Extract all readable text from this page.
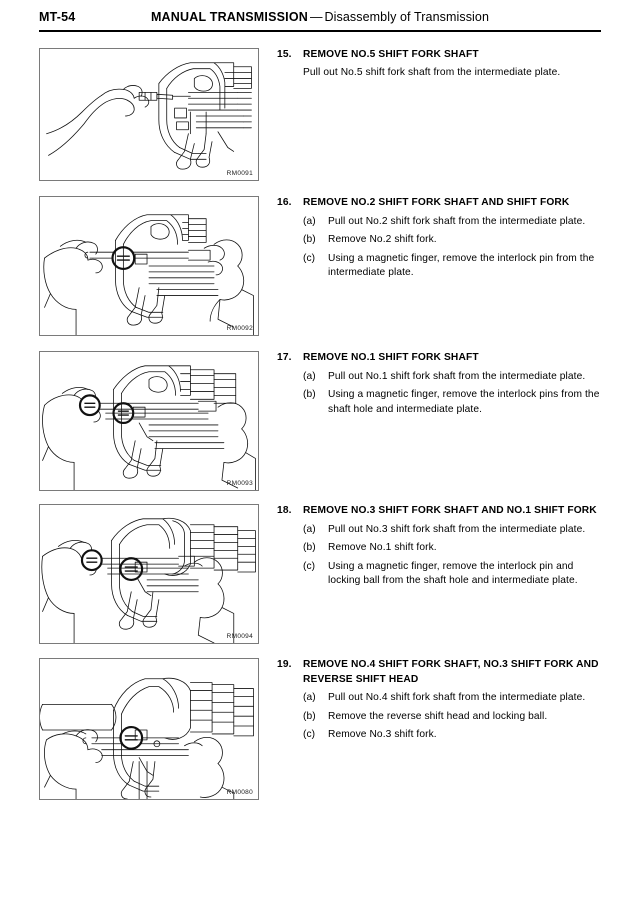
MT-54	MANUAL TRANSMISSION — Disassembly of Transmission
RM0091
RM0092
RM0093
RM0094
RM0080
15. REMOVE NO.5 SHIFT FORK SHAFT
Pull out No.5 shift fork shaft from the intermediate plate.
16. REMOVE NO.2 SHIFT FORK SHAFT AND SHIFT FORK
(a) Pull out No.2 shift fork shaft from the intermediate plate.
(b) Remove No.2 shift fork.
(c) Using a magnetic finger, remove the interlock pin from the intermediate plate.
17. REMOVE NO.1 SHIFT FORK SHAFT
(a) Pull out No.1 shift fork shaft from the intermediate plate.
(b) Using a magnetic finger, remove the interlock pins from the shaft hole and intermediate plate.
18. REMOVE NO.3 SHIFT FORK SHAFT AND NO.1 SHIFT FORK
(a) Pull out No.3 shift fork shaft from the intermediate plate.
(b) Remove No.1 shift fork.
(c) Using a magnetic finger, remove the interlock pin and locking ball from the shaft hole and intermediate plate.
19. REMOVE NO.4 SHIFT FORK SHAFT, NO.3 SHIFT FORK AND REVERSE SHIFT HEAD
(a) Pull out No.4 shift fork shaft from the intermediate plate.
(b) Remove the reverse shift head and locking ball.
(c) Remove No.3 shift fork.
